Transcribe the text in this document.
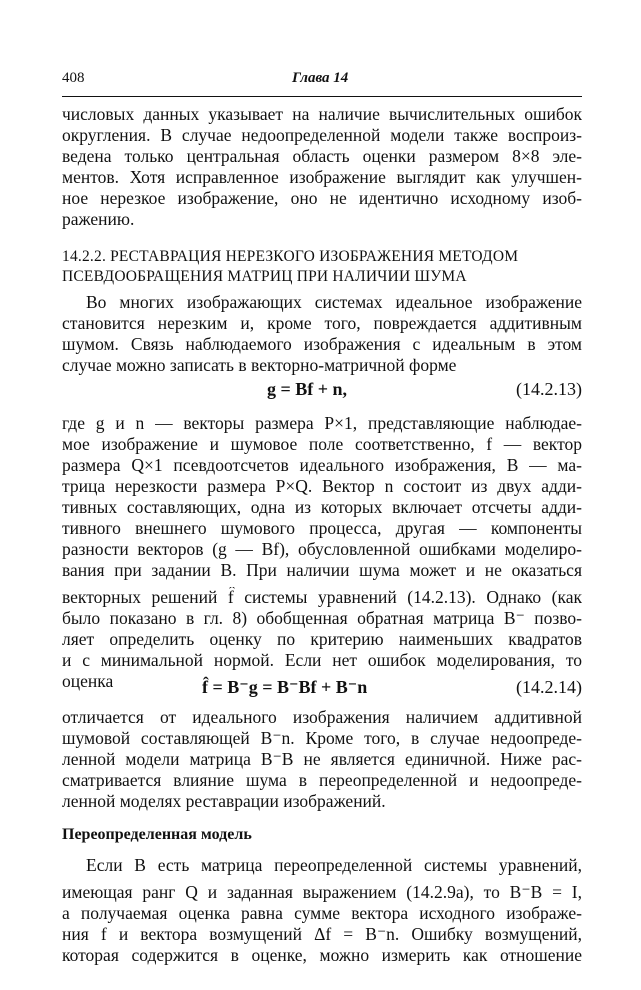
408	Глава 14
числовых данных указывает на наличие вычислительных ошибок
округления. В случае недоопределенной модели также воспроиз-
ведена только центральная область оценки размером 8×8 эле-
ментов. Хотя исправленное изображение выглядит как улучшен-
ное нерезкое изображение, оно не идентично исходному изоб-
ражению.
14.2.2. РЕСТАВРАЦИЯ НЕРЕЗКОГО ИЗОБРАЖЕНИЯ МЕТОДОМ
ПСЕВДООБРАЩЕНИЯ МАТРИЦ ПРИ НАЛИЧИИ ШУМА
Во многих изображающих системах идеальное изображение
становится нерезким и, кроме того, повреждается аддитивным
шумом. Связь наблюдаемого изображения с идеальным в этом
случае можно записать в векторно-матричной форме
g = Bf + n,	(14.2.13)
где g и n — векторы размера P×1, представляющие наблюдае-
мое изображение и шумовое поле соответственно, f — вектор
размера Q×1 псевдоотсчетов идеального изображения, B — ма-
трица нерезкости размера P×Q. Вектор n состоит из двух адди-
тивных составляющих, одна из которых включает отсчеты адди-
тивного внешнего шумового процесса, другая — компоненты
разности векторов (g — Bf), обусловленной ошибками моделиро-
вания при задании B. При наличии шума может и не оказаться
векторных решений f̂ системы уравнений (14.2.13). Однако (как
было показано в гл. 8) обобщенная обратная матрица B⁻ позво-
ляет определить оценку по критерию наименьших квадратов
и с минимальной нормой. Если нет ошибок моделирования, то
оценка	f̂ = B⁻g = B⁻Bf + B⁻n	(14.2.14)
отличается от идеального изображения наличием аддитивной
шумовой составляющей B⁻n. Кроме того, в случае недоопреде-
ленной модели матрица B⁻B не является единичной. Ниже рас-
сматривается влияние шума в переопределенной и недоопреде-
ленной моделях реставрации изображений.
Переопределенная модель
Если B есть матрица переопределенной системы уравнений,
имеющая ранг Q и заданная выражением (14.2.9a), то B⁻B = I,
а получаемая оценка равна сумме вектора исходного изображе-
ния f и вектора возмущений Δf = B⁻n. Ошибку возмущений,
которая содержится в оценке, можно измерить как отношение
